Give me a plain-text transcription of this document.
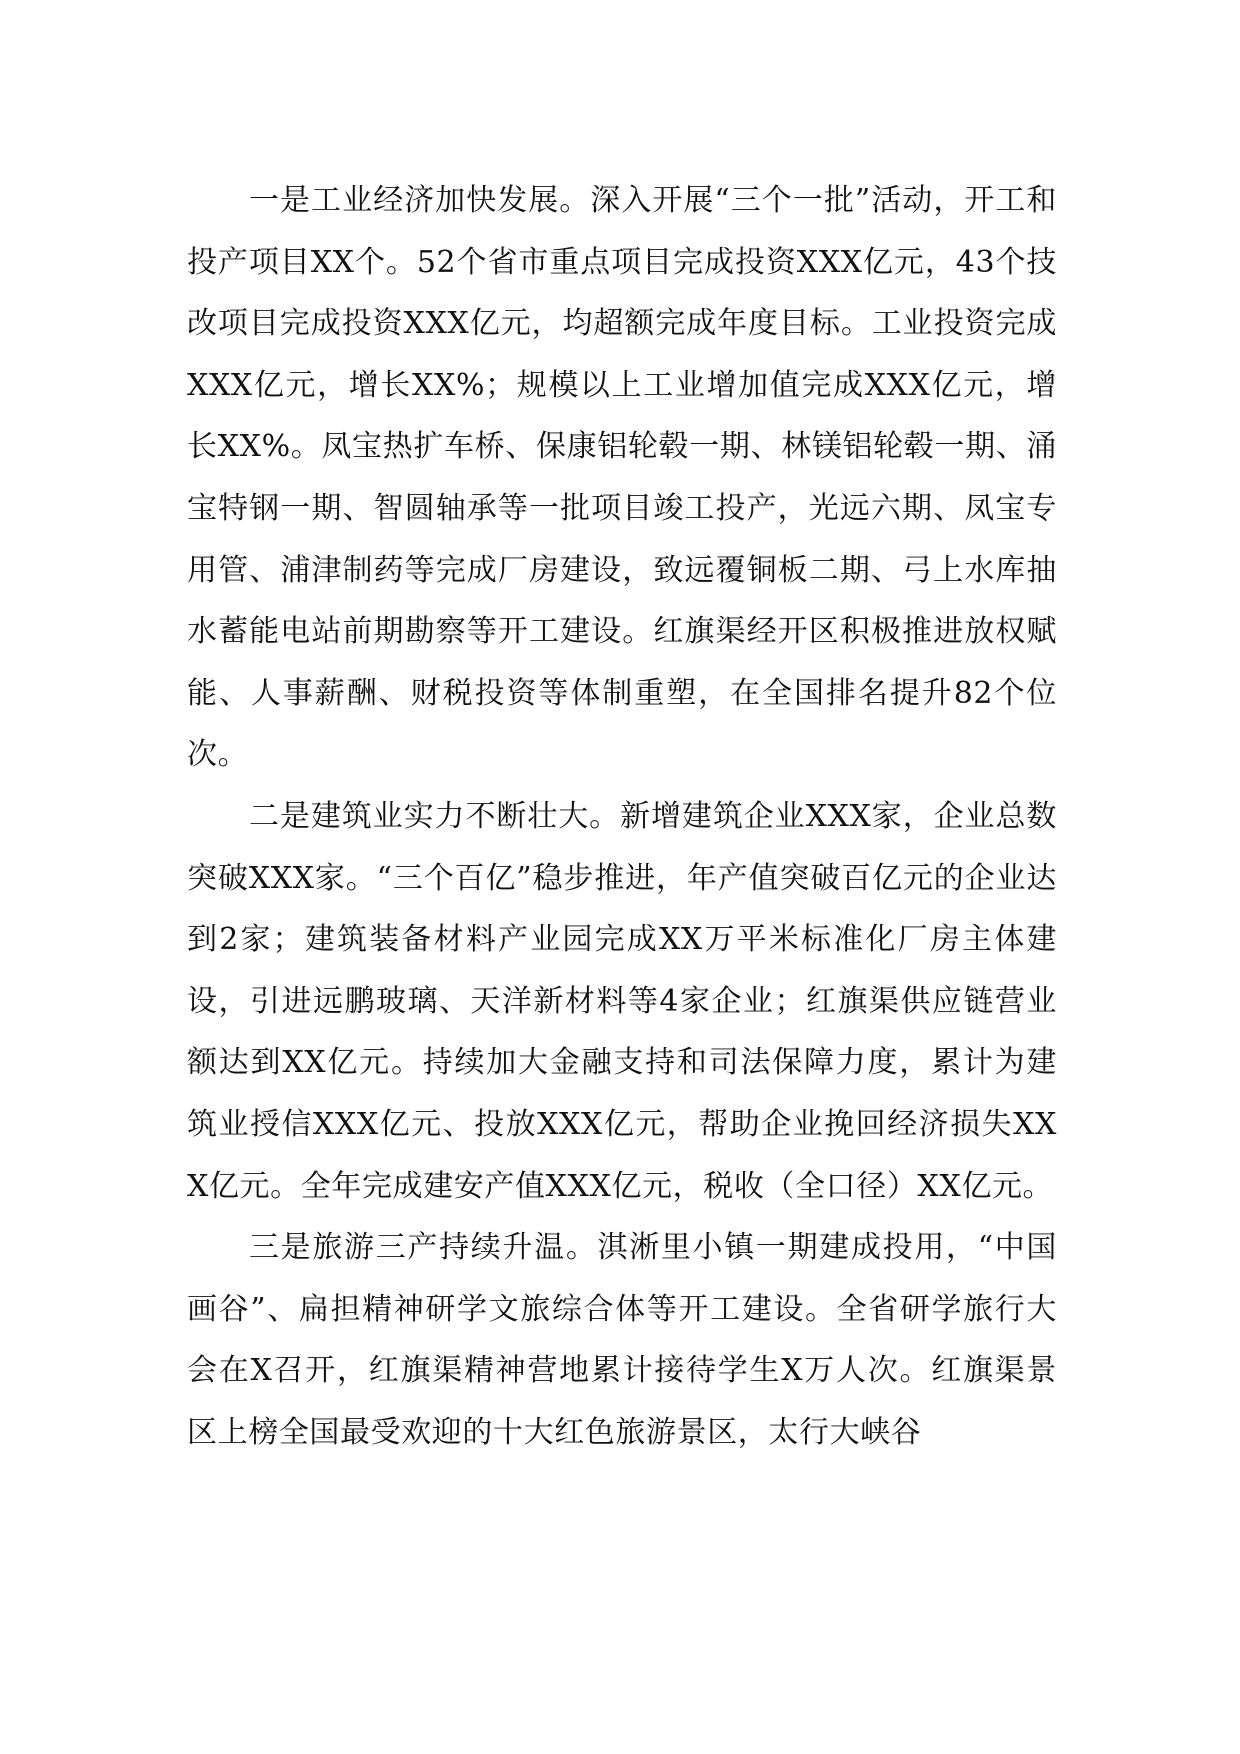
一是工业经济加快发展。深入开展“三个一批”活动，开工和投产项目XX个。52个省市重点项目完成投资XXX亿元，43个技改项目完成投资XXX亿元，均超额完成年度目标。工业投资完成XXX亿元，增长XX%；规模以上工业增加值完成XXX亿元，增长XX%。凤宝热扩车桥、保康铝轮毂一期、林镁铝轮毂一期、涌宝特钢一期、智圆轴承等一批项目竣工投产，光远六期、凤宝专用管、浦津制药等完成厂房建设，致远覆铜板二期、弓上水库抽水蓄能电站前期勘察等开工建设。红旗渠经开区积极推进放权赋能、人事薪酬、财税投资等体制重塑，在全国排名提升82个位次。

二是建筑业实力不断壮大。新增建筑企业XXX家，企业总数突破XXX家。“三个百亿”稳步推进，年产值突破百亿元的企业达到2家；建筑装备材料产业园完成XX万平米标准化厂房主体建设，引进远鹏玻璃、天洋新材料等4家企业；红旗渠供应链营业额达到XX亿元。持续加大金融支持和司法保障力度，累计为建筑业授信XXX亿元、投放XXX亿元，帮助企业挽回经济损失XXX亿元。全年完成建安产值XXX亿元，税收（全口径）XX亿元。

三是旅游三产持续升温。淇淅里小镇一期建成投用，“中国画谷”、扁担精神研学文旅综合体等开工建设。全省研学旅行大会在X召开，红旗渠精神营地累计接待学生X万人次。红旗渠景区上榜全国最受欢迎的十大红色旅游景区，太行大峡谷
